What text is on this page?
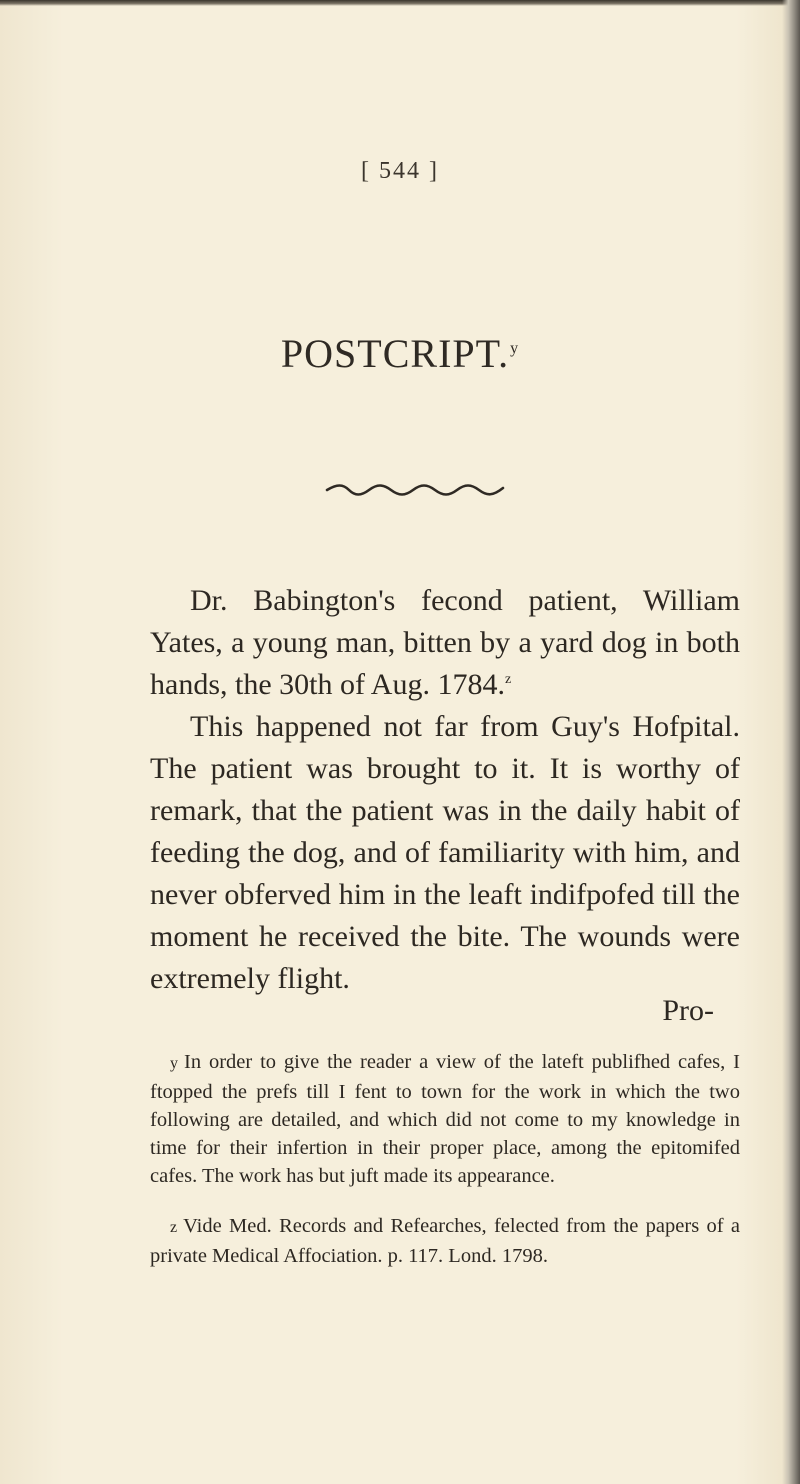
[ 544 ]
POSTCRIPT.$^y$

Dr. Babington's fecond patient, William Yates, a young man, bitten by a yard dog in both hands, the 30th of Aug. 1784.$^z$

This happened not far from Guy's Hofpital. The patient was brought to it. It is worthy of remark, that the patient was in the daily habit of feeding the dog, and of familiarity with him, and never obferved him in the leaft indifpofed till the moment he received the bite. The wounds were extremely flight.

Pro-

y In order to give the reader a view of the lateft publifhed cafes, I ftopped the prefs till I fent to town for the work in which the two following are detailed, and which did not come to my knowledge in time for their infertion in their proper place, among the epitomifed cafes. The work has but juft made its appearance.

z Vide Med. Records and Refearches, felected from the papers of a private Medical Affociation. p. 117. Lond. 1798.
